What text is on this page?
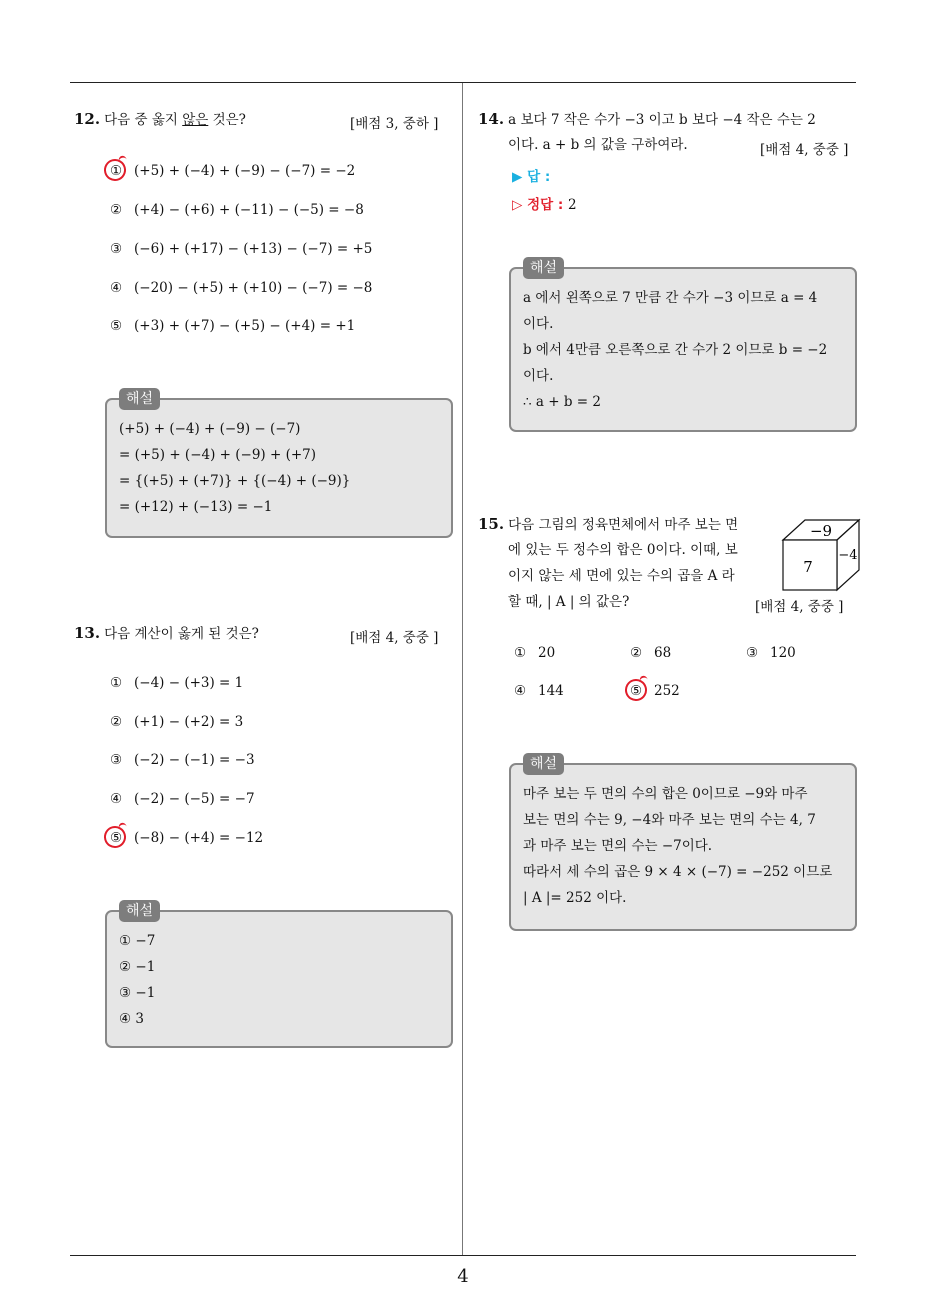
12. 다음 중 옳지 않은 것은?	[배점 3, 중하 ]
① (+5) + (−4) + (−9) − (−7) = −2
② (+4) − (+6) + (−11) − (−5) = −8
③ (−6) + (+17) − (+13) − (−7) = +5
④ (−20) − (+5) + (+10) − (−7) = −8
⑤ (+3) + (+7) − (+5) − (+4) = +1
해설
(+5) + (−4) + (−9) − (−7)
= (+5) + (−4) + (−9) + (+7)
= {(+5) + (+7)} + {(−4) + (−9)}
= (+12) + (−13) = −1
13. 다음 계산이 옳게 된 것은?	[배점 4, 중중 ]
① (−4) − (+3) = 1
② (+1) − (+2) = 3
③ (−2) − (−1) = −3
④ (−2) − (−5) = −7
⑤ (−8) − (+4) = −12
해설
① −7
② −1
③ −1
④ 3
14. a 보다 7 작은 수가 −3 이고 b 보다 −4 작은 수는 2
이다. a + b 의 값을 구하여라.	[배점 4, 중중 ]
▶ 답 :
▷ 정답 : 2
해설
a 에서 왼쪽으로 7 만큼 간 수가 −3 이므로 a = 4
이다.
b 에서 4만큼 오른쪽으로 간 수가 2 이므로 b = −2
이다.
∴ a + b = 2
15. 다음 그림의 정육면체에서 마주 보는 면
에 있는 두 정수의 합은 0이다. 이때, 보
이지 않는 세 면에 있는 수의 곱을 A 라
할 때, | A | 의 값은?	[배점 4, 중중 ]
−9
7
−4
① 20	② 68	③ 120
④ 144	⑤ 252
해설
마주 보는 두 면의 수의 합은 0이므로 −9와 마주
보는 면의 수는 9, −4와 마주 보는 면의 수는 4, 7
과 마주 보는 면의 수는 −7이다.
따라서 세 수의 곱은 9 × 4 × (−7) = −252 이므로
| A |= 252 이다.
4
